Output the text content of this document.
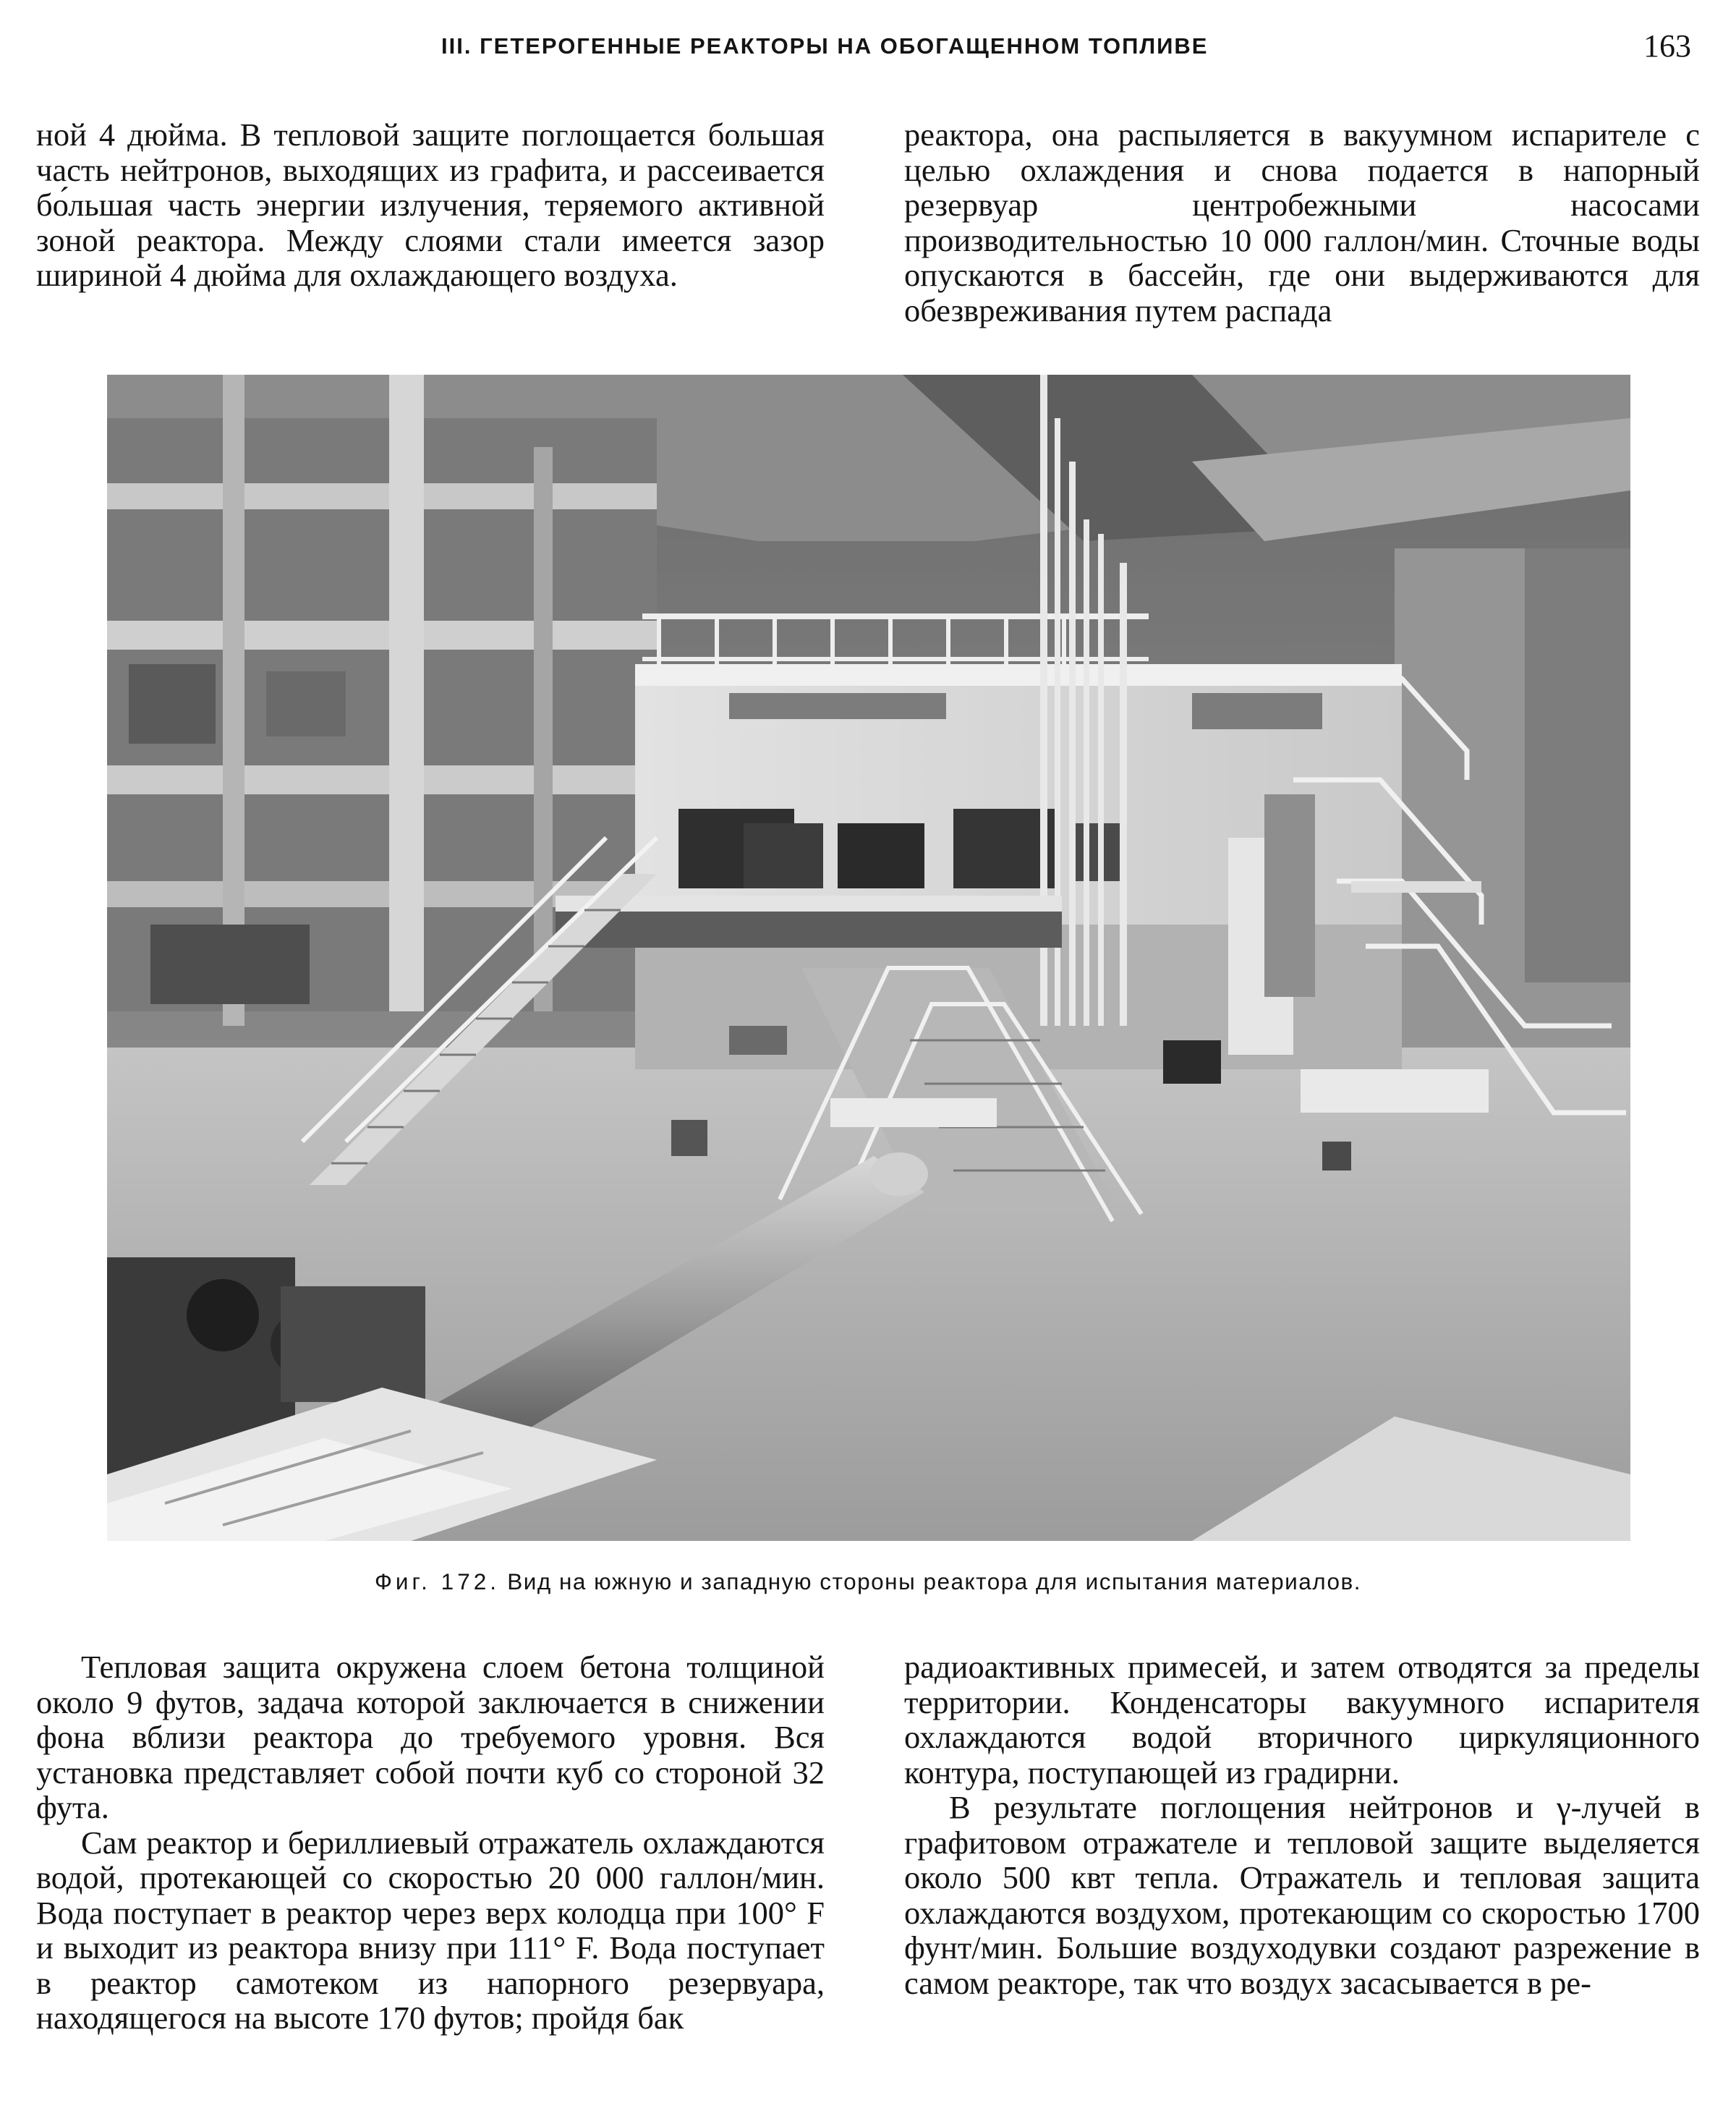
III. ГЕТЕРОГЕННЫЕ РЕАКТОРЫ НА ОБОГАЩЕННОМ ТОПЛИВЕ	163

ной 4 дюйма. В тепловой защите поглощается большая часть нейтронов, выходящих из графита, и рассеивается бо́льшая часть энергии излучения, теряемого активной зоной реактора. Между слоями стали имеется зазор шириной 4 дюйма для охлаждающего воздуха.

реактора, она распыляется в вакуумном испарителе с целью охлаждения и снова подается в напорный резервуар центробежными насосами производительностью 10 000 галлон/мин. Сточные воды опускаются в бассейн, где они выдерживаются для обезвреживания путем распада

Фиг. 172. Вид на южную и западную стороны реактора для испытания материалов.

Тепловая защита окружена слоем бетона толщиной около 9 футов, задача которой заключается в снижении фона вблизи реактора до требуемого уровня. Вся установка представляет собой почти куб со стороной 32 фута.

Сам реактор и бериллиевый отражатель охлаждаются водой, протекающей со скоростью 20 000 галлон/мин. Вода поступает в реактор через верх колодца при 100° F и выходит из реактора внизу при 111° F. Вода поступает в реактор самотеком из напорного резервуара, находящегося на высоте 170 футов; пройдя бак

радиоактивных примесей, и затем отводятся за пределы территории. Конденсаторы вакуумного испарителя охлаждаются водой вторичного циркуляционного контура, поступающей из градирни.

В результате поглощения нейтронов и γ-лучей в графитовом отражателе и тепловой защите выделяется около 500 квт тепла. Отражатель и тепловая защита охлаждаются воздухом, протекающим со скоростью 1700 фунт/мин. Большие воздуходувки создают разрежение в самом реакторе, так что воздух засасывается в ре-
